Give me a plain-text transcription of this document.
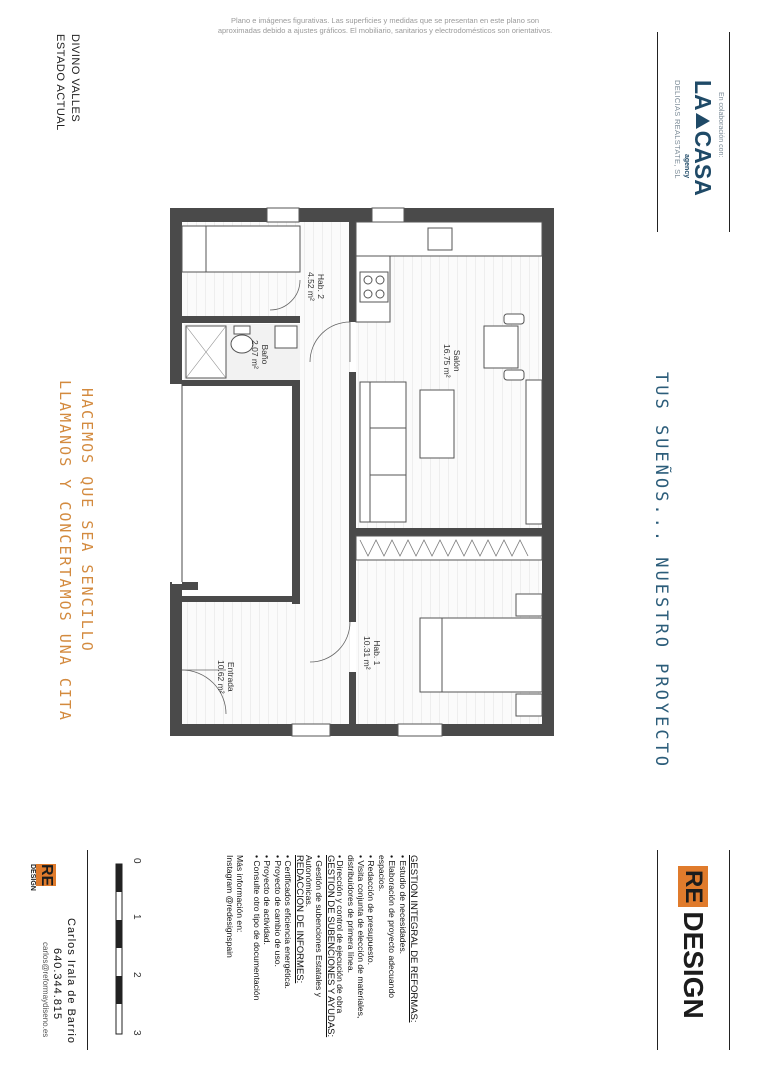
Plano e imágenes figurativas. Las superficies y medidas que se presentan en este plano son
aproximadas debido a ajustes gráficos. El mobiliario, sanitarios y electrodomésticos son orientativos.
DIVINO VALLES
ESTADO ACTUAL	En colaboración con:
LA
CASA
agency
DELICIAS REALSTATE, SL
TUS SUEÑOS... NUESTRO PROYECTO
HACEMOS QUE SEA SENCILLO
LLAMANOS Y CONCERTAMOS UNA CITA
Hab. 2
4.52 m²
Baño
2.07 m²	Salón
16.75 m²
Hab. 1
10.31 m²
Entrada
10.62 m²
RE
DESIGN
GESTION INTEGRAL DE REFORMAS:
• Estudio de necesidades.
• Elaboración de proyecto adecuando
espacios.
• Redacción de presupuesto.
• Visita conjunta de elección de materiales,
distribuidores de primera línea.
• Dirección y control de ejecución de obra
GESTION DE SUBENCIONES Y AYUDAS:
• Gestión de subenciones Estatales y
Autonómicas.
REDACCION DE INFORMES:
• Certificados eficiencia energética.
• Proyecto de cambio de uso.
• Proyecto de actividad.
• Consulte otro tipo de documentación
Más información en:
Instagram @redesignspain
0
1
2
3
Carlos Irala de Barrio
640.344.815
carlos@reformaydiseno.es
RE
DESIGN
